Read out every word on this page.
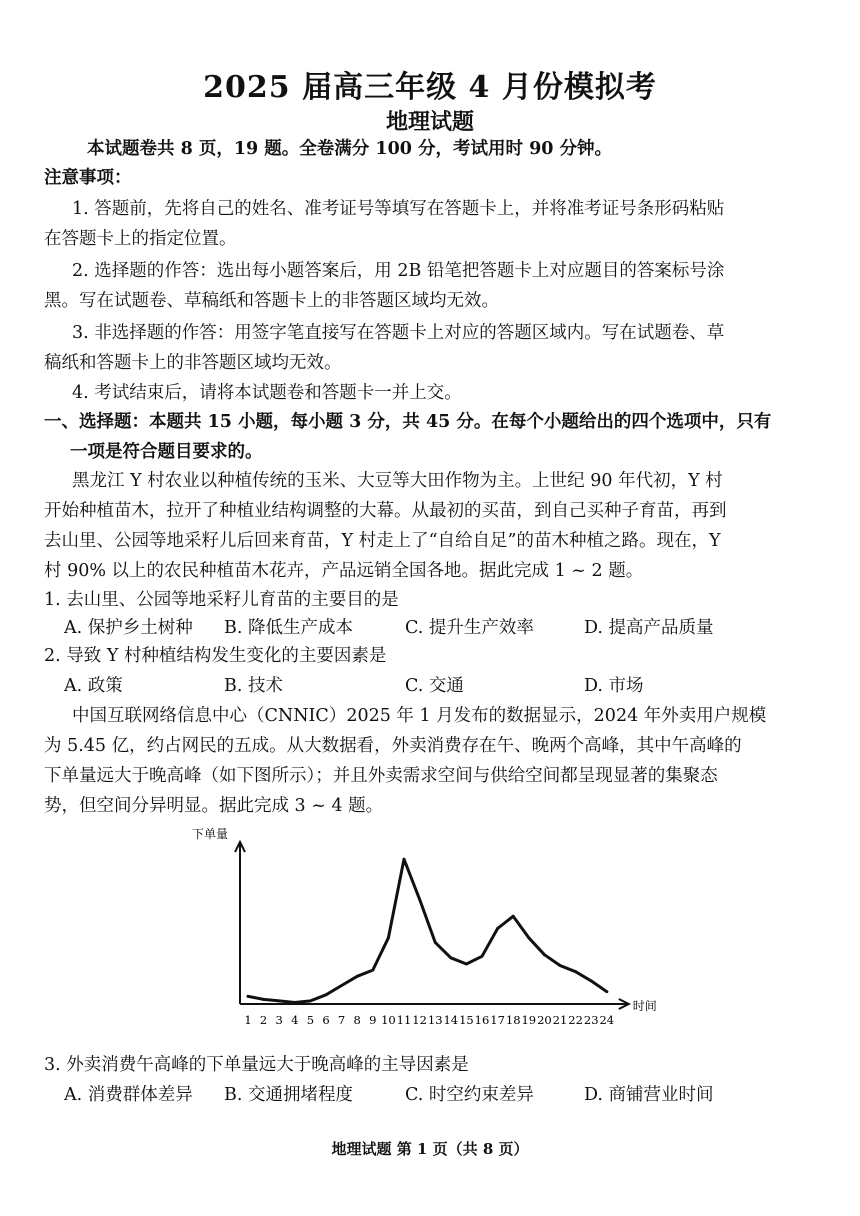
2025 届高三年级 4 月份模拟考
地理试题
本试题卷共 8 页，19 题。全卷满分 100 分，考试用时 90 分钟。
注意事项：
1. 答题前，先将自己的姓名、准考证号等填写在答题卡上，并将准考证号条形码粘贴
在答题卡上的指定位置。
2. 选择题的作答：选出每小题答案后，用 2B 铅笔把答题卡上对应题目的答案标号涂
黑。写在试题卷、草稿纸和答题卡上的非答题区域均无效。
3. 非选择题的作答：用签字笔直接写在答题卡上对应的答题区域内。写在试题卷、草
稿纸和答题卡上的非答题区域均无效。
4. 考试结束后，请将本试题卷和答题卡一并上交。
一、选择题：本题共 15 小题，每小题 3 分，共 45 分。在每个小题给出的四个选项中，只有
一项是符合题目要求的。
黑龙江 Y 村农业以种植传统的玉米、大豆等大田作物为主。上世纪 90 年代初，Y 村
开始种植苗木，拉开了种植业结构调整的大幕。从最初的买苗，到自己买种子育苗，再到
去山里、公园等地采籽儿后回来育苗，Y 村走上了“自给自足”的苗木种植之路。现在，Y
村 90% 以上的农民种植苗木花卉，产品远销全国各地。据此完成 1 ~ 2 题。
1. 去山里、公园等地采籽儿育苗的主要目的是
A. 保护乡土树种 B. 降低生产成本	C. 提升生产效率	D. 提高产品质量
2. 导致 Y 村种植结构发生变化的主要因素是
A. 政策	B. 技术	C. 交通	D. 市场
中国互联网络信息中心（CNNIC）2025 年 1 月发布的数据显示，2024 年外卖用户规模
为 5.45 亿，约占网民的五成。从大数据看，外卖消费存在午、晚两个高峰，其中午高峰的
下单量远大于晚高峰（如下图所示）；并且外卖需求空间与供给空间都呈现显著的集聚态
势，但空间分异明显。据此完成 3 ~ 4 题。
下单量
时间
1 2 3 4 5 6 7 8 9 10 11 12 13 14 15 16 17 18 19 20 21 22 23 24
3. 外卖消费午高峰的下单量远大于晚高峰的主导因素是
A. 消费群体差异 B. 交通拥堵程度	C. 时空约束差异	D. 商铺营业时间
地理试题 第 1 页（共 8 页）
